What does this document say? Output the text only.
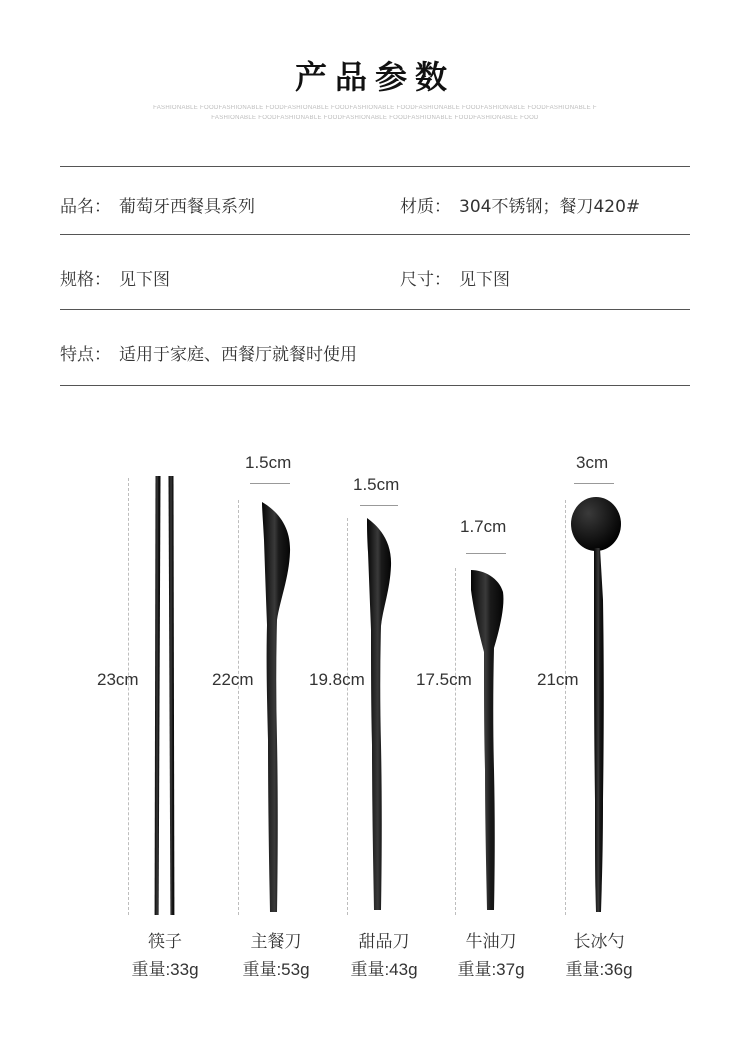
产品参数
FASHIONABLE FOODFASHIONABLE FOODFASHIONABLE FOODFASHIONABLE FOODFASHIONABLE FOODFASHIONABLE FOODFASHIONABLE F
FASHIONABLE FOODFASHIONABLE FOODFASHIONABLE FOODFASHIONABLE FOODFASHIONABLE FOOD
品名： 葡萄牙西餐具系列	材质： 304不锈钢；餐刀420#
规格： 见下图	尺寸： 见下图
特点： 适用于家庭、西餐厅就餐时使用
1.5cm
1.5cm
1.7cm
3cm
23cm	22cm	19.8cm	17.5cm	21cm
筷子	主餐刀	甜品刀	牛油刀	长冰勺
重量:33g	重量:53g	重量:43g	重量:37g	重量:36g
